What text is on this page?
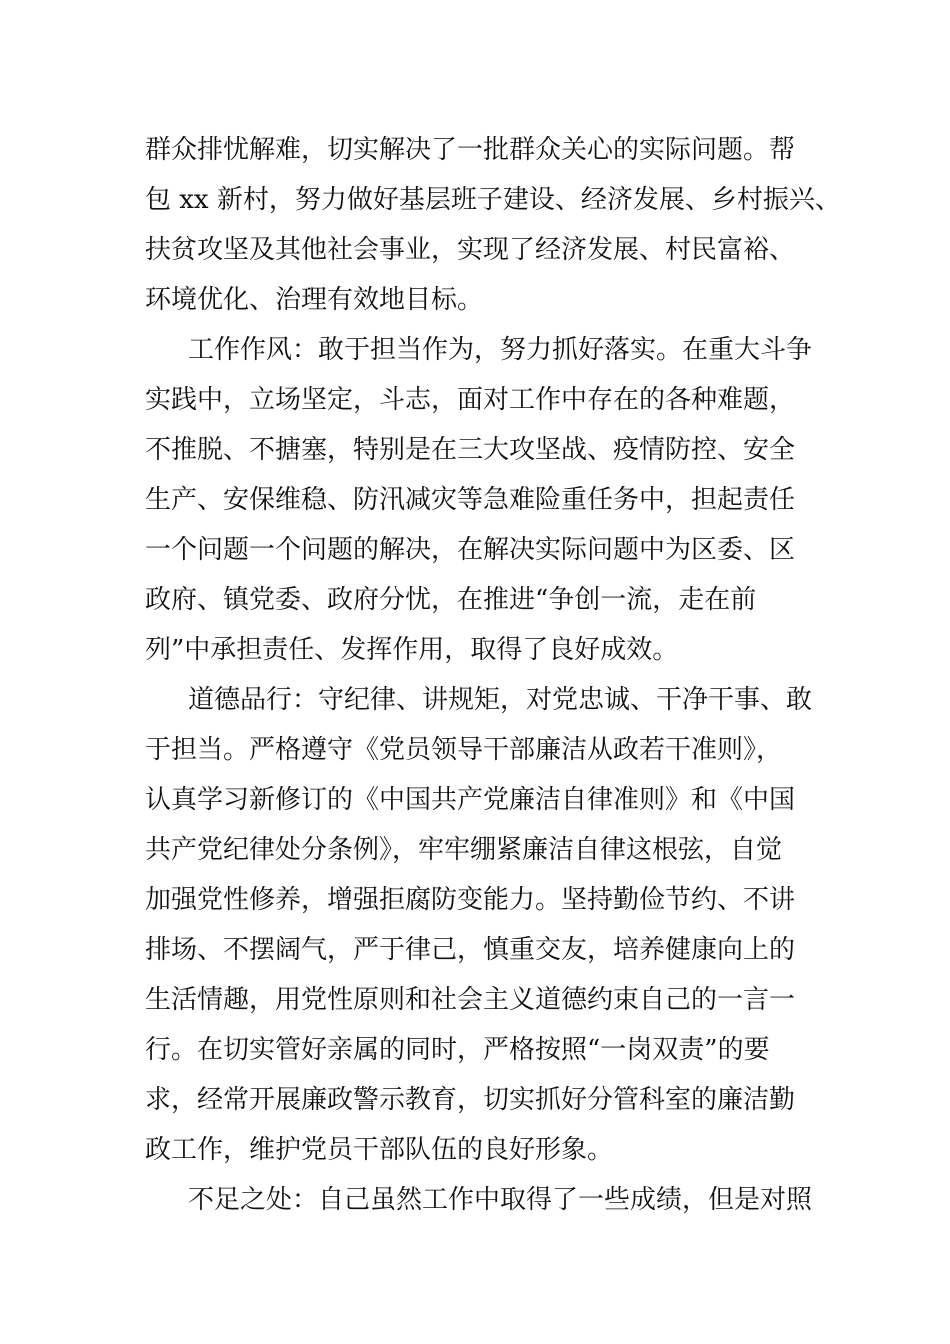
群众排忧解难，切实解决了一批群众关心的实际问题。帮
包 xx 新村，努力做好基层班子建设、经济发展、乡村振兴、
扶贫攻坚及其他社会事业，实现了经济发展、村民富裕、
环境优化、治理有效地目标。
工作作风：敢于担当作为，努力抓好落实。在重大斗争
实践中，立场坚定，斗志，面对工作中存在的各种难题，
不推脱、不搪塞，特别是在三大攻坚战、疫情防控、安全
生产、安保维稳、防汛减灾等急难险重任务中，担起责任
一个问题一个问题的解决，在解决实际问题中为区委、区
政府、镇党委、政府分忧，在推进“争创一流，走在前
列”中承担责任、发挥作用，取得了良好成效。
道德品行：守纪律、讲规矩，对党忠诚、干净干事、敢
于担当。严格遵守《党员领导干部廉洁从政若干准则》，
认真学习新修订的《中国共产党廉洁自律准则》和《中国
共产党纪律处分条例》，牢牢绷紧廉洁自律这根弦，自觉
加强党性修养，增强拒腐防变能力。坚持勤俭节约、不讲
排场、不摆阔气，严于律己，慎重交友，培养健康向上的
生活情趣，用党性原则和社会主义道德约束自己的一言一
行。在切实管好亲属的同时，严格按照“一岗双责”的要
求，经常开展廉政警示教育，切实抓好分管科室的廉洁勤
政工作，维护党员干部队伍的良好形象。
不足之处：自己虽然工作中取得了一些成绩，但是对照
